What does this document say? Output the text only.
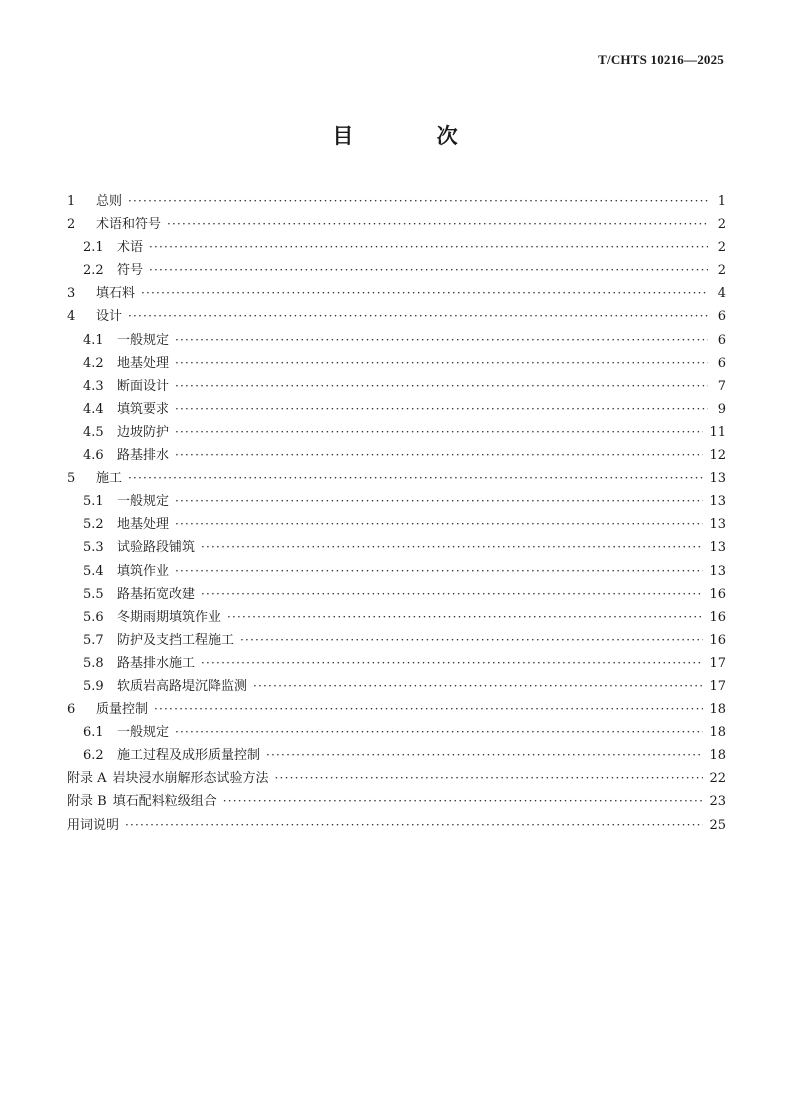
T/CHTS 10216—2025
目 次
1	总则 ·····	1
2	术语和符号 ·····	2
2.1	术语 ·····	2
2.2	符号 ·····	2
3	填石料 ·····	4
4	设计 ·····	6
4.1	一般规定 ·····	6
4.2	地基处理 ·····	6
4.3	断面设计 ·····	7
4.4	填筑要求 ·····	9
4.5	边坡防护 ·····	11
4.6	路基排水 ·····	12
5	施工 ·····	13
5.1	一般规定 ·····	13
5.2	地基处理 ·····	13
5.3	试验路段铺筑 ·····	13
5.4	填筑作业 ·····	13
5.5	路基拓宽改建 ·····	16
5.6	冬期雨期填筑作业 ·····	16
5.7	防护及支挡工程施工 ·····	16
5.8	路基排水施工 ·····	17
5.9	软质岩高路堤沉降监测 ·····	17
6	质量控制 ·····	18
6.1	一般规定 ·····	18
6.2	施工过程及成形质量控制 ·····	18
附录 A 岩块浸水崩解形态试验方法 ·····	22
附录 B 填石配料粒级组合 ·····	23
用词说明 ·····	25
